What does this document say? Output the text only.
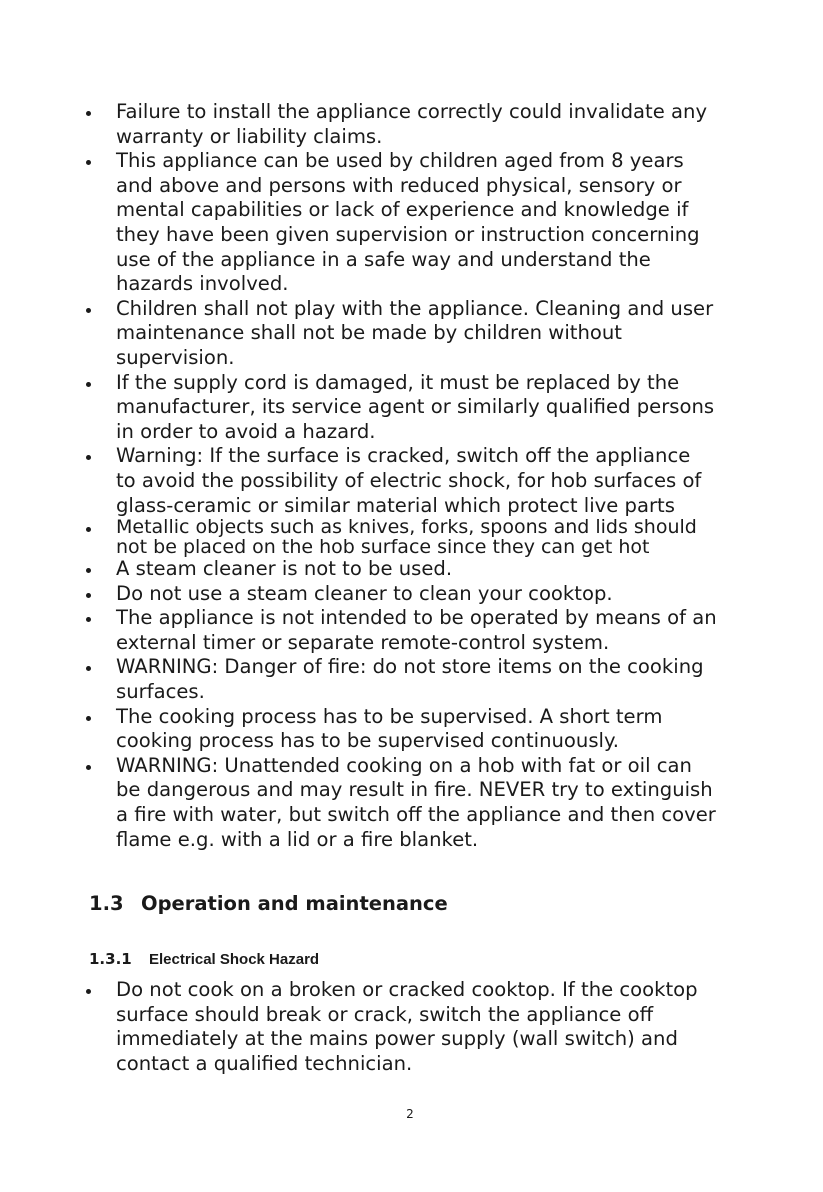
Failure to install the appliance correctly could invalidate any
warranty or liability claims.
This appliance can be used by children aged from 8 years
and above and persons with reduced physical, sensory or
mental capabilities or lack of experience and knowledge if
they have been given supervision or instruction concerning
use of the appliance in a safe way and understand the
hazards involved.
Children shall not play with the appliance. Cleaning and user
maintenance shall not be made by children without
supervision.
If the supply cord is damaged, it must be replaced by the
manufacturer, its service agent or similarly qualified persons
in order to avoid a hazard.
Warning: If the surface is cracked, switch off the appliance
to avoid the possibility of electric shock, for hob surfaces of
glass-ceramic or similar material which protect live parts
Metallic objects such as knives, forks, spoons and lids should
not be placed on the hob surface since they can get hot
A steam cleaner is not to be used.
Do not use a steam cleaner to clean your cooktop.
The appliance is not intended to be operated by means of an
external timer or separate remote-control system.
WARNING: Danger of fire: do not store items on the cooking
surfaces.
The cooking process has to be supervised. A short term
cooking process has to be supervised continuously.
WARNING: Unattended cooking on a hob with fat or oil can
be dangerous and may result in fire. NEVER try to extinguish
a fire with water, but switch off the appliance and then cover
flame e.g. with a lid or a fire blanket.
1.3 Operation and maintenance
1.3.1 Electrical Shock Hazard
Do not cook on a broken or cracked cooktop. If the cooktop
surface should break or crack, switch the appliance off
immediately at the mains power supply (wall switch) and
contact a qualified technician.
2
